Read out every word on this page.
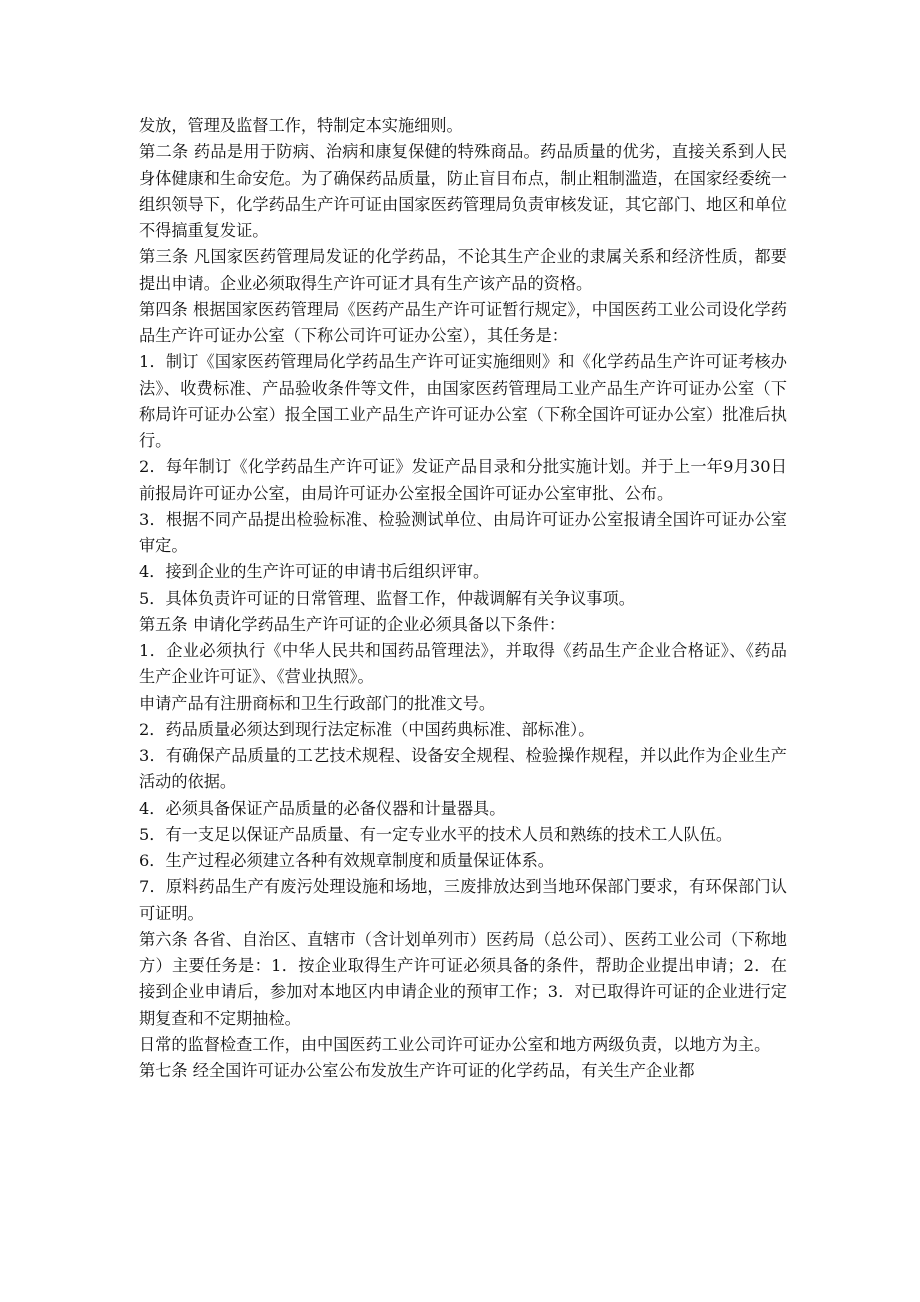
发放，管理及监督工作，特制定本实施细则。

第二条 药品是用于防病、治病和康复保健的特殊商品。药品质量的优劣，直接关系到人民身体健康和生命安危。为了确保药品质量，防止盲目布点，制止粗制滥造，在国家经委统一组织领导下，化学药品生产许可证由国家医药管理局负责审核发证，其它部门、地区和单位不得搞重复发证。

第三条 凡国家医药管理局发证的化学药品，不论其生产企业的隶属关系和经济性质，都要提出申请。企业必须取得生产许可证才具有生产该产品的资格。

第四条 根据国家医药管理局《医药产品生产许可证暂行规定》，中国医药工业公司设化学药品生产许可证办公室（下称公司许可证办公室），其任务是：

1．制订《国家医药管理局化学药品生产许可证实施细则》和《化学药品生产许可证考核办法》、收费标准、产品验收条件等文件，由国家医药管理局工业产品生产许可证办公室（下称局许可证办公室）报全国工业产品生产许可证办公室（下称全国许可证办公室）批准后执行。

2．每年制订《化学药品生产许可证》发证产品目录和分批实施计划。并于上一年9月30日前报局许可证办公室，由局许可证办公室报全国许可证办公室审批、公布。

3．根据不同产品提出检验标准、检验测试单位、由局许可证办公室报请全国许可证办公室审定。

4．接到企业的生产许可证的申请书后组织评审。

5．具体负责许可证的日常管理、监督工作，仲裁调解有关争议事项。

第五条 申请化学药品生产许可证的企业必须具备以下条件：

1．企业必须执行《中华人民共和国药品管理法》，并取得《药品生产企业合格证》、《药品生产企业许可证》、《营业执照》。

申请产品有注册商标和卫生行政部门的批准文号。

2．药品质量必须达到现行法定标准（中国药典标准、部标准）。

3．有确保产品质量的工艺技术规程、设备安全规程、检验操作规程，并以此作为企业生产活动的依据。

4．必须具备保证产品质量的必备仪器和计量器具。

5．有一支足以保证产品质量、有一定专业水平的技术人员和熟练的技术工人队伍。

6．生产过程必须建立各种有效规章制度和质量保证体系。

7．原料药品生产有废污处理设施和场地，三废排放达到当地环保部门要求，有环保部门认可证明。

第六条 各省、自治区、直辖市（含计划单列市）医药局（总公司）、医药工业公司（下称地方）主要任务是：1．按企业取得生产许可证必须具备的条件，帮助企业提出申请；2．在接到企业申请后，参加对本地区内申请企业的预审工作；3．对已取得许可证的企业进行定期复查和不定期抽检。

日常的监督检查工作，由中国医药工业公司许可证办公室和地方两级负责，以地方为主。

第七条 经全国许可证办公室公布发放生产许可证的化学药品，有关生产企业都
